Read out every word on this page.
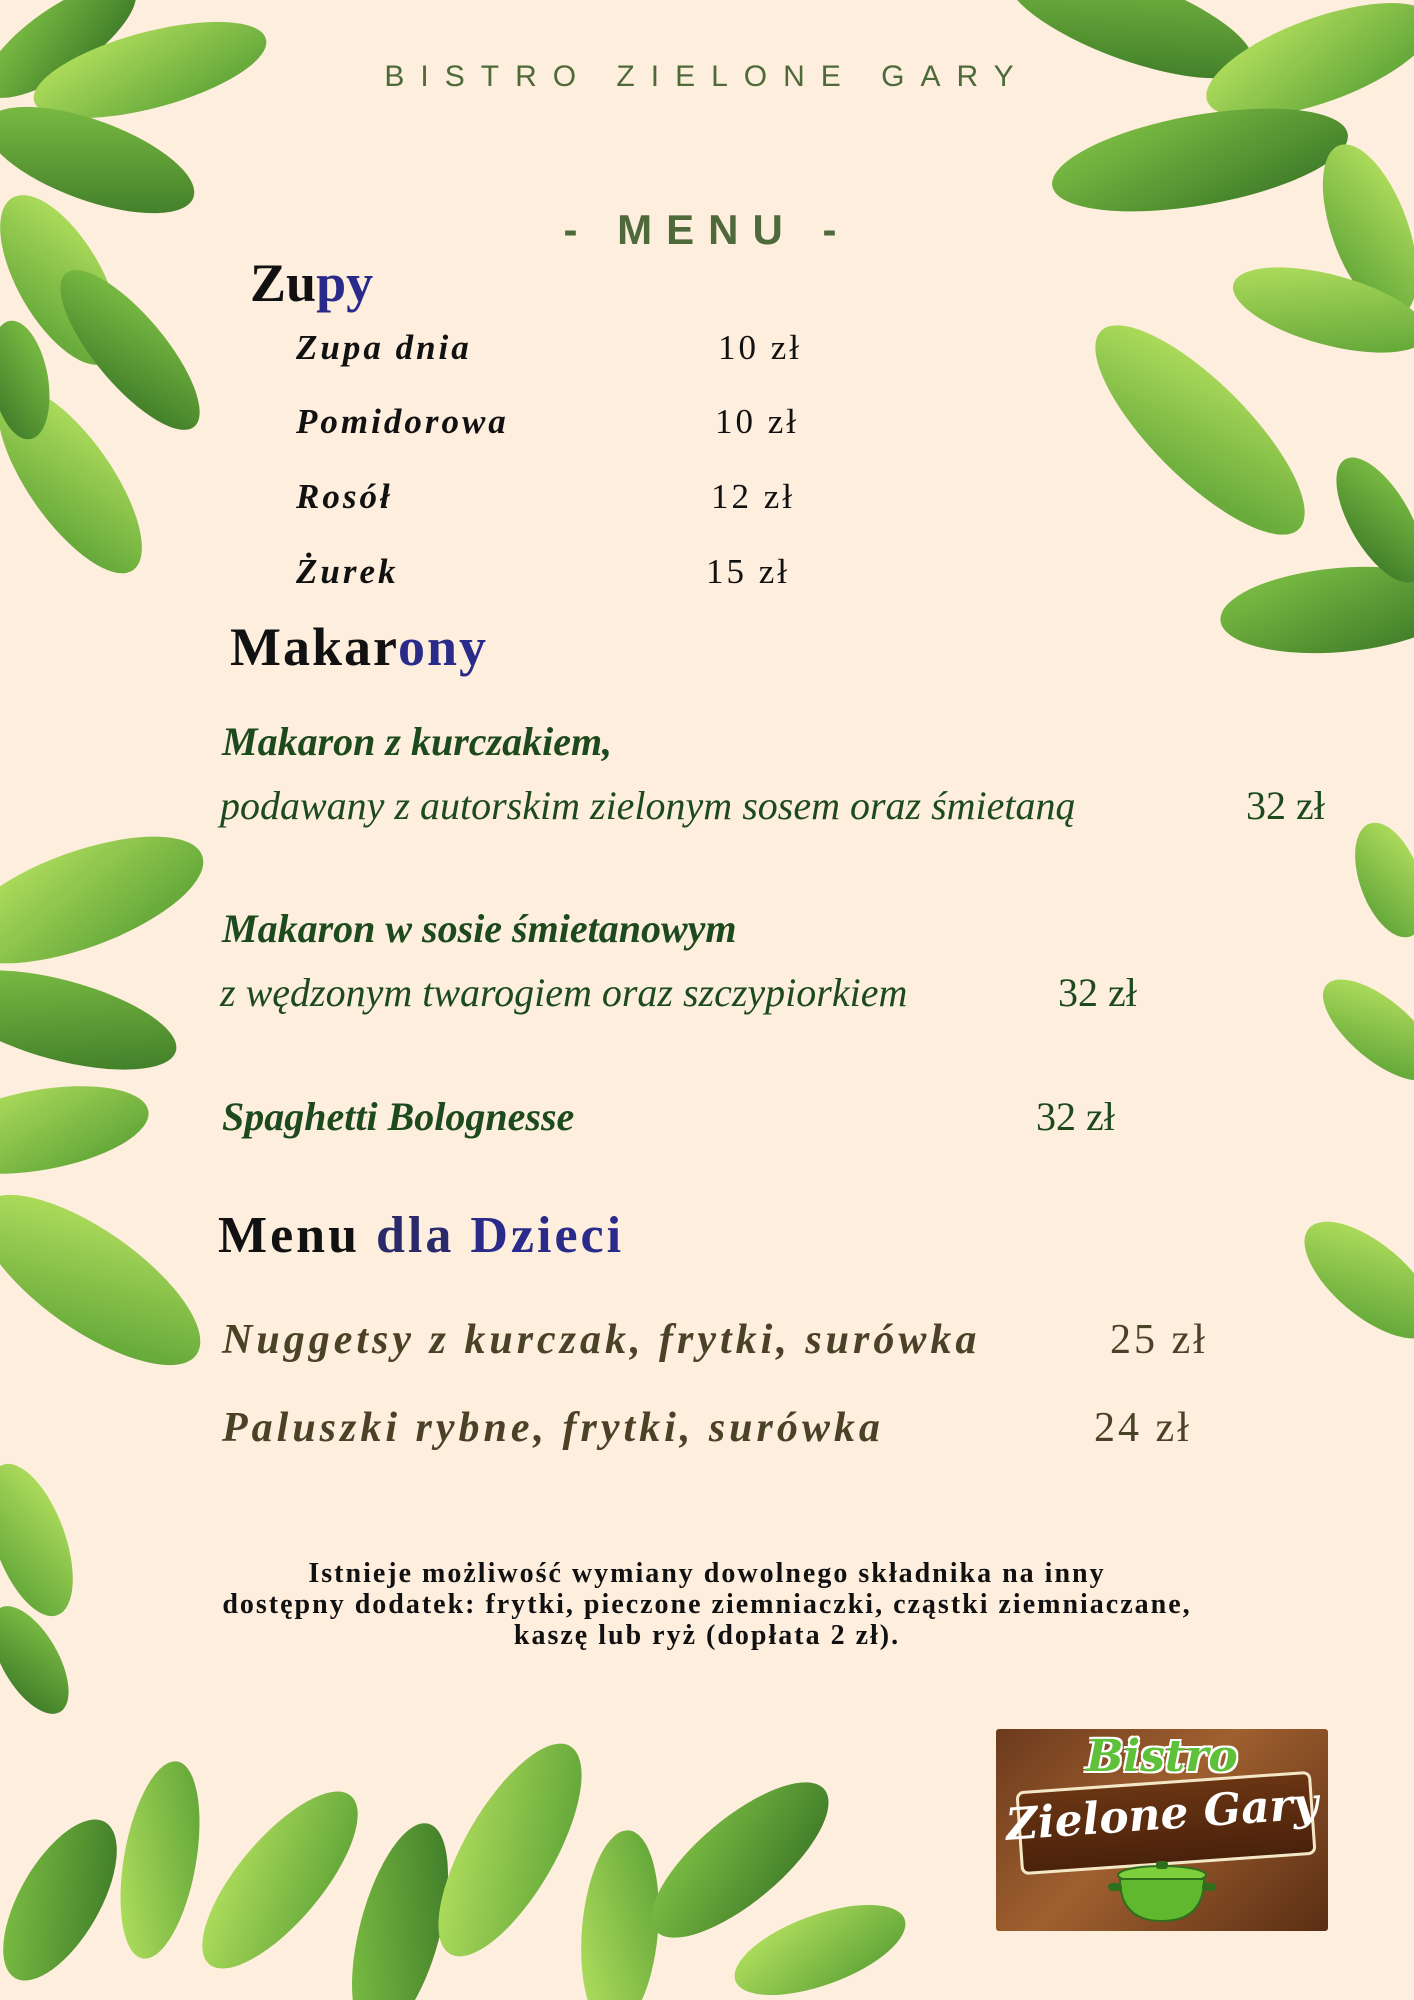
BISTRO ZIELONE GARY
- MENU -
Zupy
Zupa dnia	10 zł
Pomidorowa	10 zł
Rosół	12 zł
Żurek	15 zł
Makarony
Makaron z kurczakiem,
podawany z autorskim zielonym sosem oraz śmietaną	32 zł
Makaron w sosie śmietanowym
z wędzonym twarogiem oraz szczypiorkiem	32 zł
Spaghetti Bolognesse	32 zł
Menu dla Dzieci
Nuggetsy z kurczak, frytki, surówka	25 zł
Paluszki rybne, frytki, surówka	24 zł
Istnieje możliwość wymiany dowolnego składnika na inny
dostępny dodatek: frytki, pieczone ziemniaczki, cząstki ziemniaczane,
kaszę lub ryż (dopłata 2 zł).
Bistro
Zielone Gary
